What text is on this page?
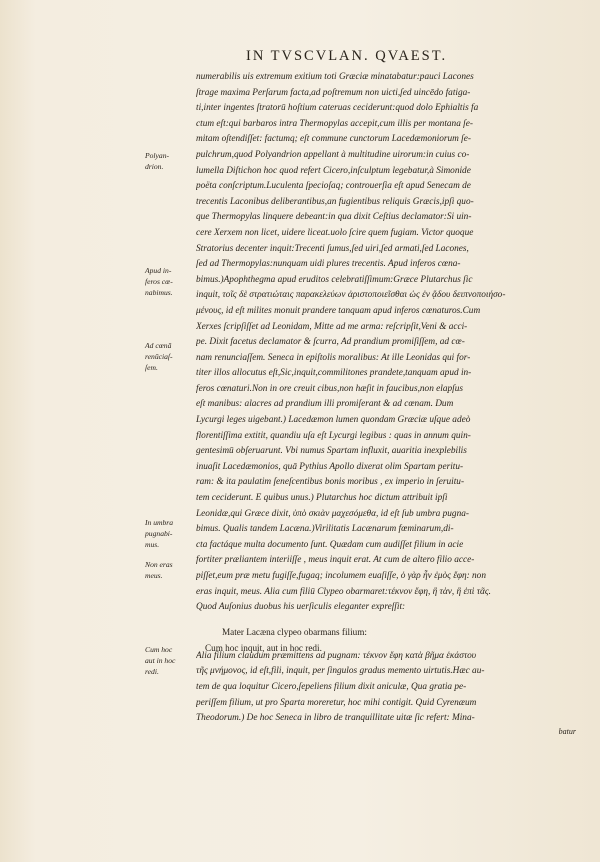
IN TVSCVLAN. QVAEST.
Polyan-
drion.
Apud in-
feros cœ-
nabimus.
Ad cœnā
renūciaſ-
ſem.
In umbra
pugnabi-
mus.
Non eras
meus.
Cum hoc
aut in hoc
redi.
numerabilis uis extremum exitium toti Græciæ minatabatur:pauci Lacones
ſtrage maxima Perſarum facta,ad poſtremum non uicti,ſed uincēdo fatiga-
ti,inter ingentes ſtratorū hoſtium cateruas ceciderunt:quod dolo Ephialtis fa
ctum eſt:qui barbaros intra Thermopylas accepit,cum illis per montana ſe-
mitam oſtendiſſet: factumq; eſt commune cunctorum Lacedæmoniorum ſe-
pulchrum,quod Polyandrion appellant à multitudine uirorum:in cuius co-
lumella Diſtichon hoc quod refert Cicero,inſculptum legebatur,à Simonide
poëta conſcriptum.Luculenta ſpecioſaq; controuerſia eſt apud Senecam de
trecentis Laconibus deliberantibus,an fugientibus reliquis Græcis,ipſi quo-
que Thermopylas linquere debeant:in qua dixit Ceſtius declamator:Si uin-
cere Xerxem non licet, uidere liceat.uolo ſcire quem fugiam. Victor quoque
Stratorius decenter inquit:Trecenti ſumus,ſed uiri,ſed armati,ſed Lacones,
ſed ad Thermopylas:nunquam uidi plures trecentis. Apud inferos cœna-
bimus.)Apophthegma apud eruditos celebratiſſimum:Græce Plutarchus ſic
inquit, τοῖς δὲ στρατιώταις παρακελεύων ἀριστοποιεῖσθαι ὡς ἐν ᾅδου δειπνοποιήσο-
μένους, id eſt milites monuit prandere tanquam apud inferos cœnaturos.Cum
Xerxes ſcripſiſſet ad Leonidam, Mitte ad me arma: reſcripſit,Veni & acci-
pe. Dixit facetus declamator & ſcurra, Ad prandium promiſiſſem, ad cœ-
nam renunciaſſem. Seneca in epiſtolis moralibus: At ille Leonidas qui for-
titer illos allocutus eſt,Sic,inquit,commilitones prandete,tanquam apud in-
feros cœnaturi.Non in ore creuit cibus,non hæſit in faucibus,non elapſus
eſt manibus: alacres ad prandium illi promiſerant & ad cœnam. Dum
Lycurgi leges uigebant.) Lacedæmon lumen quondam Græciæ uſque adeò
florentiſſima extitit, quandiu uſa eſt Lycurgi legibus : quas in annum quin-
gentesimū obſeruarunt. Vbi numus Spartam influxit, auaritia inexplebilis
inuaſit Lacedæmonios, quā Pythius Apollo dixerat olim Spartam peritu-
ram: & ita paulatim ſeneſcentibus bonis moribus , ex imperio in ſeruitu-
tem ceciderunt. E quibus unus.) Plutarchus hoc dictum attribuit ipſi
Leonidæ,qui Græce dixit, ὑπὸ σκιὰν μαχεσόμεθα, id eſt ſub umbra pugna-
bimus. Qualis tandem Lacæna.)Virilitatis Lacænarum fœminarum,di-
cta factáque multa documento ſunt. Quædam cum audiſſet filium in acie
fortiter præliantem interiiſſe , meus inquit erat. At cum de altero filio acce-
piſſet,eum præ metu fugiſſe,fugaq; incolumem euaſiſſe, ὁ γὰρ ἦν ἐμὸς ἔφη: non
eras inquit, meus. Alia cum filiū Clypeo obarmaret:τέκνον ἔφη, ἢ τὰν, ἢ ἐπὶ τᾶς.
Quod Auſonius duobus his uerſiculis eleganter expreſſit:
Alia filium claudum præmittens ad pugnam: τέκνον ἔφη κατὰ βῆμα ἑκάστου
τῆς μνήμονος, id eſt,fili, inquit, per ſingulos gradus memento uirtutis.Hæc au-
tem de qua loquitur Cicero,ſepeliens filium dixit aniculæ, Qua gratia pe-
periſſem filium, ut pro Sparta moreretur, hoc mihi contigit. Quid Cyrenæum
Theodorum.) De hoc Seneca in libro de tranquillitate uitæ ſic refert: Mina-
batur
Mater Lacæna clypeo obarmans filium:
Cum hoc inquit, aut in hoc redi.
